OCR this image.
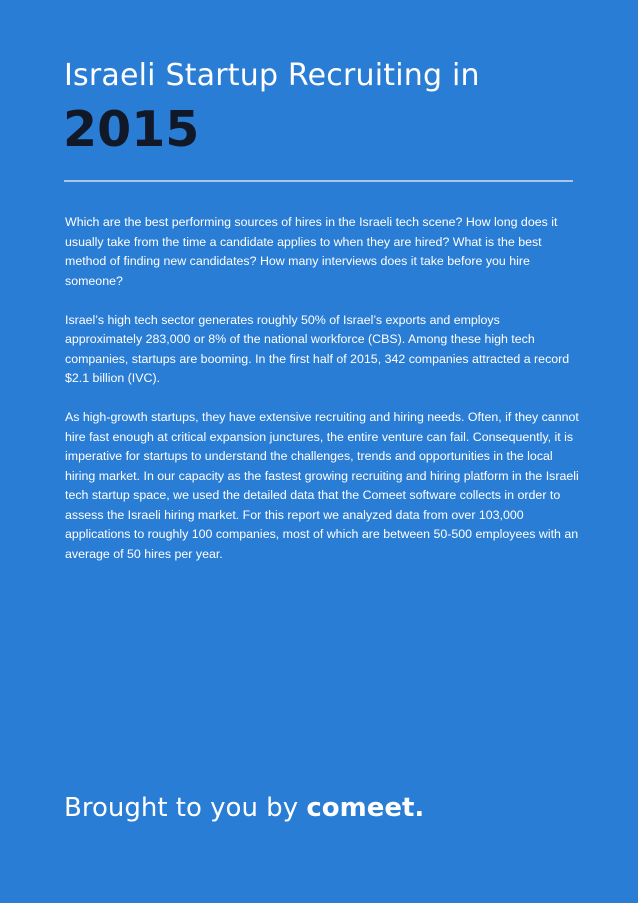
Israeli Startup Recruiting in
2015

Which are the best performing sources of hires in the Israeli tech scene? How long does it usually take from the time a candidate applies to when they are hired? What is the best method of finding new candidates? How many interviews does it take before you hire someone?

Israel’s high tech sector generates roughly 50% of Israel’s exports and employs approximately 283,000 or 8% of the national workforce (CBS). Among these high tech companies, startups are booming. In the first half of 2015, 342 companies attracted a record $2.1 billion (IVC).

As high-growth startups, they have extensive recruiting and hiring needs. Often, if they cannot hire fast enough at critical expansion junctures, the entire venture can fail. Consequently, it is imperative for startups to understand the challenges, trends and opportunities in the local hiring market. In our capacity as the fastest growing recruiting and hiring platform in the Israeli tech startup space, we used the detailed data that the Comeet software collects in order to assess the Israeli hiring market. For this report we analyzed data from over 103,000 applications to roughly 100 companies, most of which are between 50-500 employees with an average of 50 hires per year.

Brought to you by comeet.
